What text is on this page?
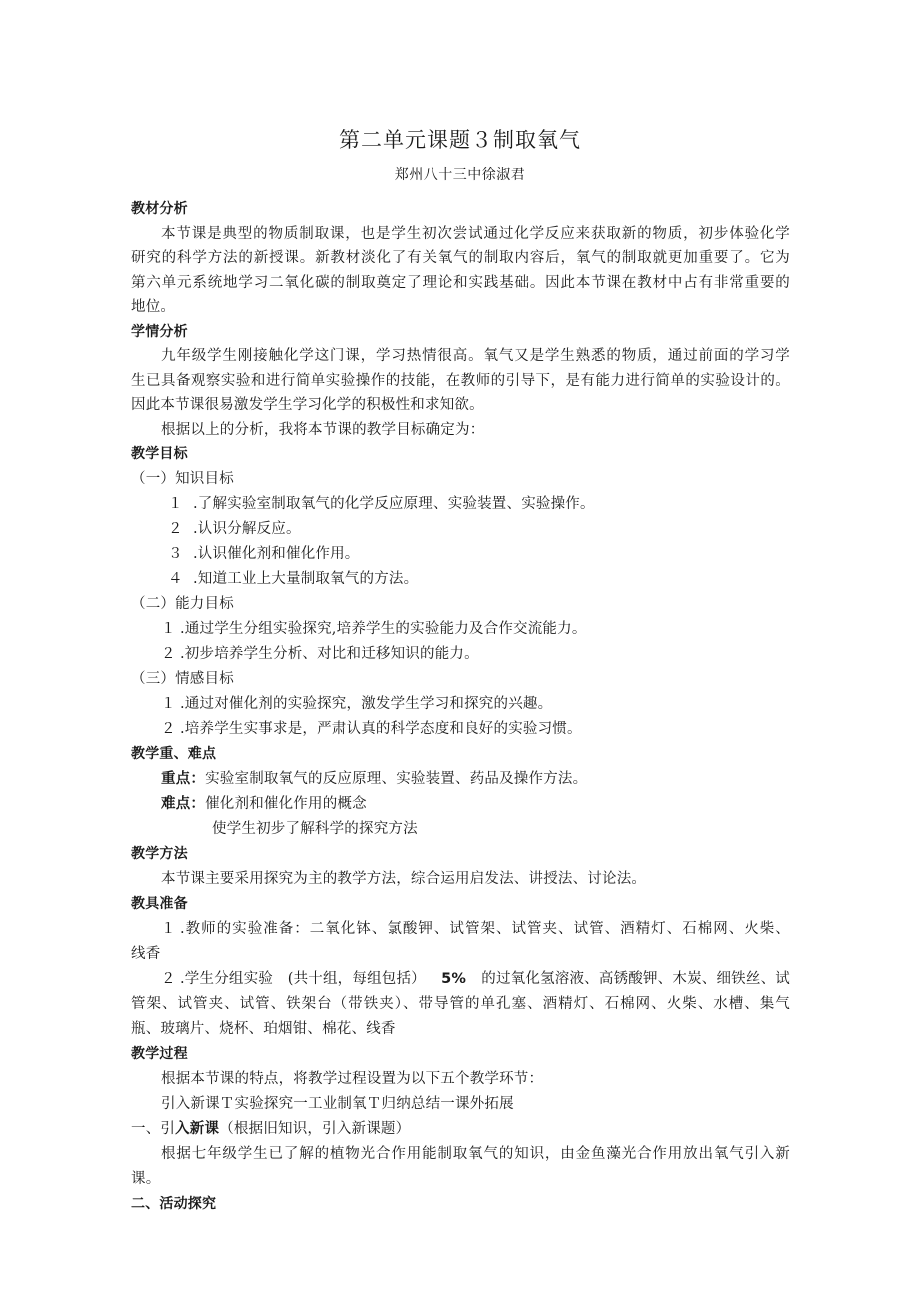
第二单元课题３制取氧气
郑州八十三中徐淑君
教材分析
本节课是典型的物质制取课，也是学生初次尝试通过化学反应来获取新的物质，初步体验化学
研究的科学方法的新授课。新教材淡化了有关氧气的制取内容后，氧气的制取就更加重要了。它为
第六单元系统地学习二氧化碳的制取奠定了理论和实践基础。因此本节课在教材中占有非常重要的
地位。
学情分析
九年级学生刚接触化学这门课，学习热情很高。氧气又是学生熟悉的物质，通过前面的学习学
生已具备观察实验和进行简单实验操作的技能，在教师的引导下，是有能力进行简单的实验设计的。
因此本节课很易激发学生学习化学的积极性和求知欲。
根据以上的分析，我将本节课的教学目标确定为：
教学目标
（一）知识目标
１ .了解实验室制取氧气的化学反应原理、实验装置、实验操作。
２ .认识分解反应。
３ .认识催化剂和催化作用。
４ .知道工业上大量制取氧气的方法。
（二）能力目标
１ .通过学生分组实验探究,培养学生的实验能力及合作交流能力。
２ .初步培养学生分析、对比和迁移知识的能力。
（三）情感目标
１ .通过对催化剂的实验探究，激发学生学习和探究的兴趣。
２ .培养学生实事求是，严肃认真的科学态度和良好的实验习惯。
教学重、难点
重点：实验室制取氧气的反应原理、实验装置、药品及操作方法。
难点：催化剂和催化作用的概念
使学生初步了解科学的探究方法
教学方法
本节课主要采用探究为主的教学方法，综合运用启发法、讲授法、讨论法。
教具准备
１ .教师的实验准备：二氧化钵、氯酸钾、试管架、试管夹、试管、酒精灯、石棉网、火柴、
线香
２ .学生分组实验　(共十组，每组包括） 5% 的过氧化氢溶液、高锈酸钾、木炭、细铁丝、试
管架、试管夹、试管、铁架台（带铁夹）、带导管的单孔塞、酒精灯、石棉网、火柴、水槽、集气
瓶、玻璃片、烧杯、珀烟钳、棉花、线香
教学过程
根据本节课的特点，将教学过程设置为以下五个教学环节：
引入新课Ｔ实验探究一工业制氧Ｔ归纳总结一课外拓展
一、引入新课（根据旧知识，引入新课题）
根据七年级学生已了解的植物光合作用能制取氧气的知识，由金鱼藻光合作用放出氧气引入新
课。
二、活动探究
